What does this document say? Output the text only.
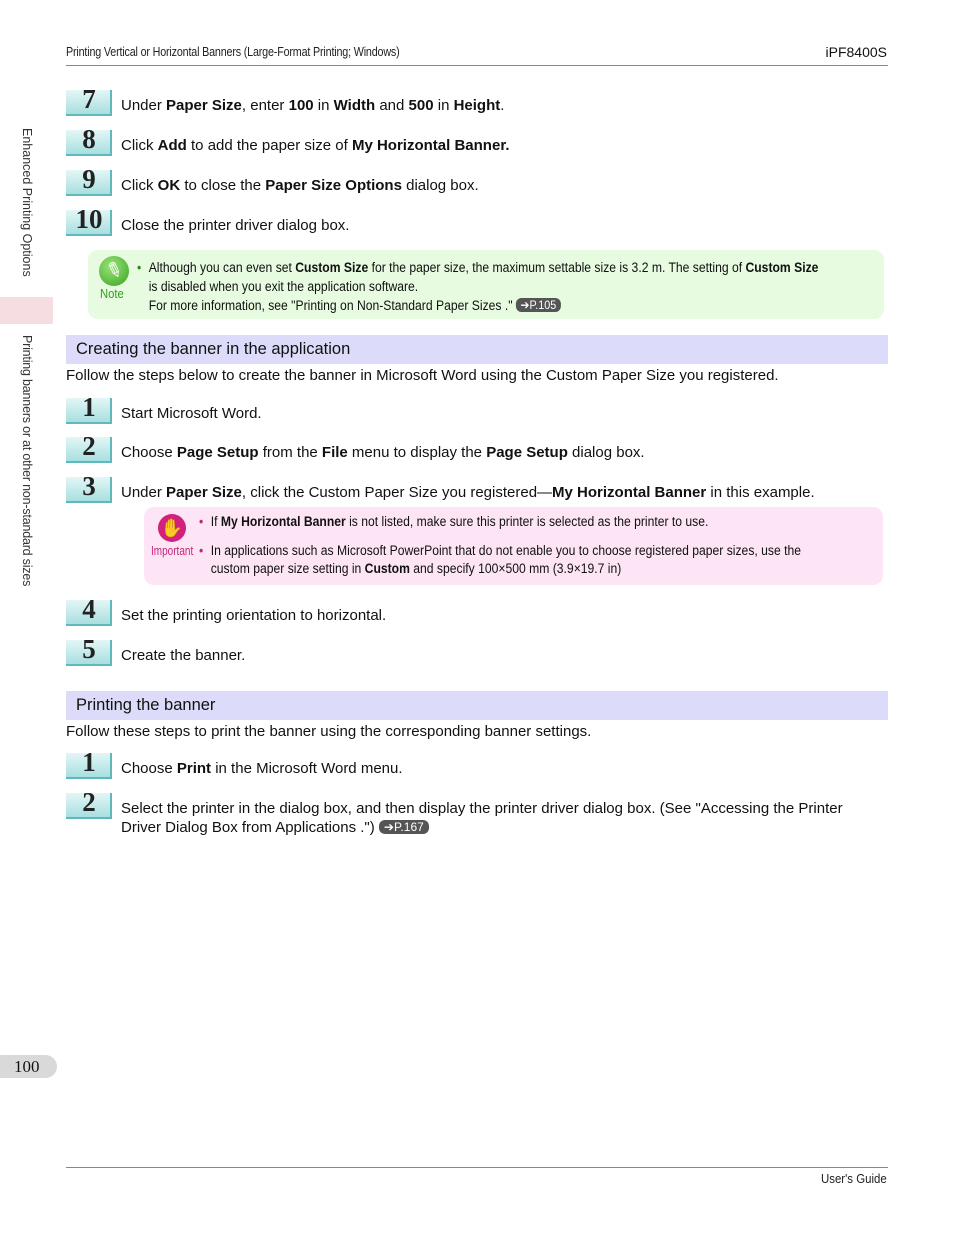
Printing Vertical or Horizontal Banners (Large-Format Printing; Windows)	iPF8400S
Enhanced Printing Options
Printing banners or at other non-standard sizes
7	Under Paper Size, enter 100 in Width and 500 in Height.
8	Click Add to add the paper size of My Horizontal Banner.
9	Click OK to close the Paper Size Options dialog box.
10	Close the printer driver dialog box.
✎
Note
• Although you can even set Custom Size for the paper size, the maximum settable size is 3.2 m. The setting of Custom Size
is disabled when you exit the application software.
For more information, see "Printing on Non-Standard Paper Sizes ." ➔P.105
Creating the banner in the application
Follow the steps below to create the banner in Microsoft Word using the Custom Paper Size you registered.
1	Start Microsoft Word.
2	Choose Page Setup from the File menu to display the Page Setup dialog box.
3	Under Paper Size, click the Custom Paper Size you registered—My Horizontal Banner in this example.
✋
Important
• If My Horizontal Banner is not listed, make sure this printer is selected as the printer to use.
• In applications such as Microsoft PowerPoint that do not enable you to choose registered paper sizes, use the
custom paper size setting in Custom and specify 100×500 mm (3.9×19.7 in)
4	Set the printing orientation to horizontal.
5	Create the banner.
Printing the banner
Follow these steps to print the banner using the corresponding banner settings.
1	Choose Print in the Microsoft Word menu.
2	Select the printer in the dialog box, and then display the printer driver dialog box. (See "Accessing the Printer
Driver Dialog Box from Applications .") ➔P.167
100
User's Guide
